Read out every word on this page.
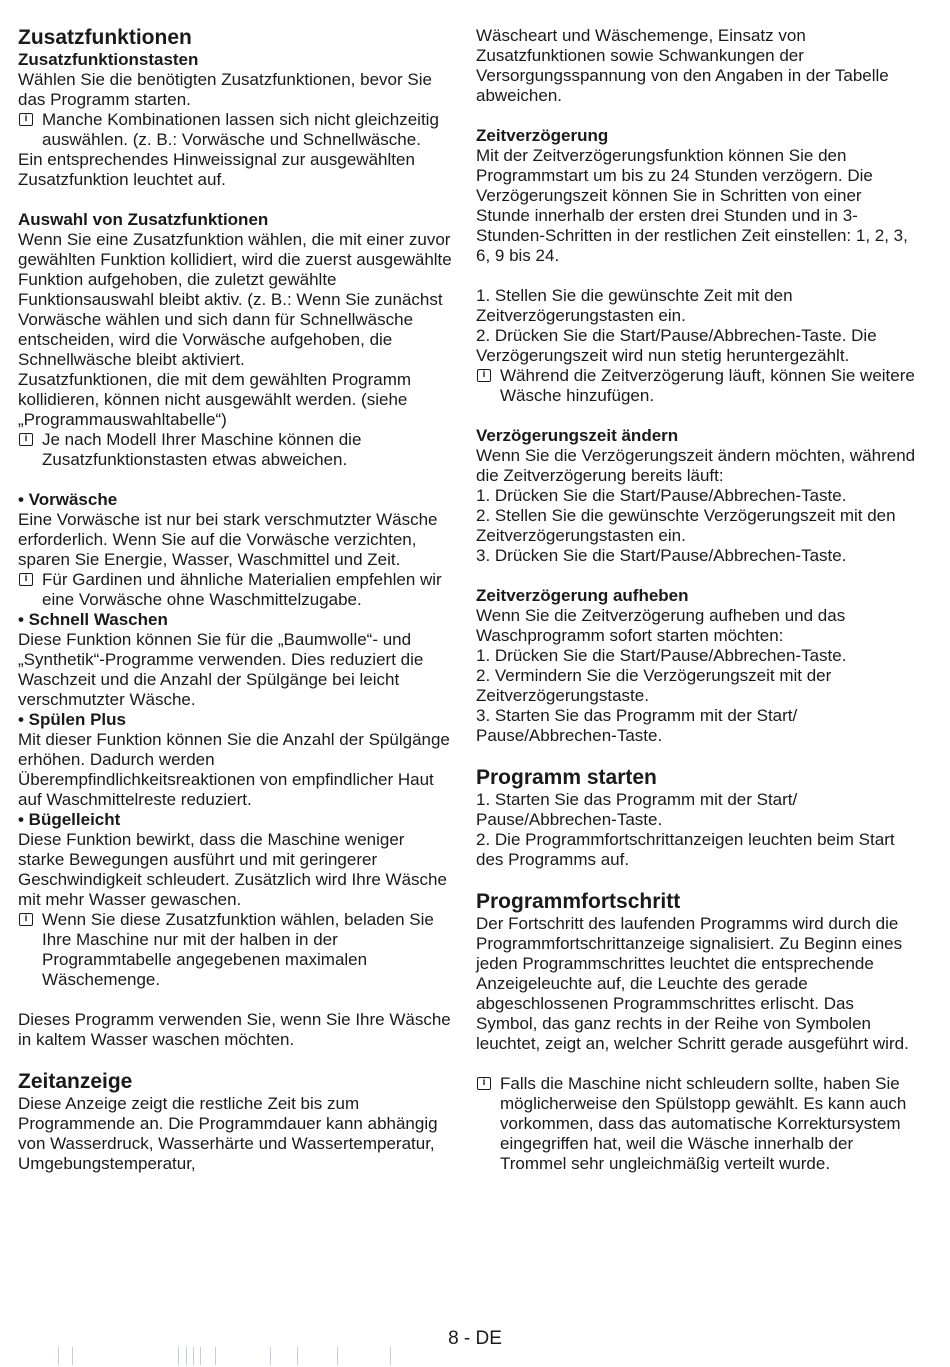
Zusatzfunktionen

Zusatzfunktionstasten

Wählen Sie die benötigten Zusatzfunktionen, bevor Sie das Programm starten.

i
Manche Kombinationen lassen sich nicht gleichzeitig auswählen. (z. B.: Vorwäsche und Schnellwäsche.

Ein entsprechendes Hinweissignal zur ausgewählten Zusatzfunktion leuchtet auf.

Auswahl von Zusatzfunktionen

Wenn Sie eine Zusatzfunktion wählen, die mit einer zuvor gewählten Funktion kollidiert, wird die zuerst ausgewählte Funktion aufgehoben, die zuletzt gewählte Funktionsauswahl bleibt aktiv. (z. B.: Wenn Sie zunächst Vorwäsche wählen und sich dann für Schnellwäsche entscheiden, wird die Vorwäsche aufgehoben, die Schnellwäsche bleibt aktiviert.

Zusatzfunktionen, die mit dem gewählten Programm kollidieren, können nicht ausgewählt werden. (siehe „Programmauswahltabelle“)

i
Je nach Modell Ihrer Maschine können die Zusatzfunktionstasten etwas abweichen.

• Vorwäsche

Eine Vorwäsche ist nur bei stark verschmutzter Wäsche erforderlich. Wenn Sie auf die Vorwäsche verzichten, sparen Sie Energie, Wasser, Waschmittel und Zeit.

i
Für Gardinen und ähnliche Materialien empfehlen wir eine Vorwäsche ohne Waschmittelzugabe.

• Schnell Waschen

Diese Funktion können Sie für die „Baumwolle“- und „Synthetik“-Programme verwenden. Dies reduziert die Waschzeit und die Anzahl der Spülgänge bei leicht verschmutzter Wäsche.

• Spülen Plus

Mit dieser Funktion können Sie die Anzahl der Spülgänge erhöhen. Dadurch werden Überempfindlichkeitsreaktionen von empfindlicher Haut auf Waschmittelreste reduziert.

• Bügelleicht

Diese Funktion bewirkt, dass die Maschine weniger starke Bewegungen ausführt und mit geringerer Geschwindigkeit schleudert. Zusätzlich wird Ihre Wäsche mit mehr Wasser gewaschen.

i
Wenn Sie diese Zusatzfunktion wählen, beladen Sie Ihre Maschine nur mit der halben in der Programmtabelle angegebenen maximalen Wäschemenge.

Dieses Programm verwenden Sie, wenn Sie Ihre Wäsche in kaltem Wasser waschen möchten.

Zeitanzeige

Diese Anzeige zeigt die restliche Zeit bis zum Programmende an. Die Programmdauer kann abhängig von Wasserdruck, Wasserhärte und Wassertemperatur, Umgebungstemperatur,

Wäscheart und Wäschemenge, Einsatz von Zusatzfunktionen sowie Schwankungen der Versorgungsspannung von den Angaben in der Tabelle abweichen.

Zeitverzögerung

Mit der Zeitverzögerungsfunktion können Sie den Programmstart um bis zu 24 Stunden verzögern. Die Verzögerungszeit können Sie in Schritten von einer Stunde innerhalb der ersten drei Stunden und in 3-Stunden-Schritten in der restlichen Zeit einstellen: 1, 2, 3, 6, 9 bis 24.

1. Stellen Sie die gewünschte Zeit mit den Zeitverzögerungstasten ein.

2. Drücken Sie die Start/Pause/Abbrechen-Taste. Die Verzögerungszeit wird nun stetig heruntergezählt.

i
Während die Zeitverzögerung läuft, können Sie weitere Wäsche hinzufügen.

Verzögerungszeit ändern

Wenn Sie die Verzögerungszeit ändern möchten, während die Zeitverzögerung bereits läuft:

1. Drücken Sie die Start/Pause/Abbrechen-Taste.

2. Stellen Sie die gewünschte Verzögerungszeit mit den Zeitverzögerungstasten ein.

3. Drücken Sie die Start/Pause/Abbrechen-Taste.

Zeitverzögerung aufheben

Wenn Sie die Zeitverzögerung aufheben und das Waschprogramm sofort starten möchten:

1. Drücken Sie die Start/Pause/Abbrechen-Taste.

2. Vermindern Sie die Verzögerungszeit mit der Zeitverzögerungstaste.

3. Starten Sie das Programm mit der Start/ Pause/Abbrechen-Taste.

Programm starten

1. Starten Sie das Programm mit der Start/ Pause/Abbrechen-Taste.

2. Die Programmfortschrittanzeigen leuchten beim Start des Programms auf.

Programmfortschritt

Der Fortschritt des laufenden Programms wird durch die Programmfortschrittanzeige signalisiert. Zu Beginn eines jeden Programmschrittes leuchtet die entsprechende Anzeigeleuchte auf, die Leuchte des gerade abgeschlossenen Programmschrittes erlischt. Das Symbol, das ganz rechts in der Reihe von Symbolen leuchtet, zeigt an, welcher Schritt gerade ausgeführt wird.

i
Falls die Maschine nicht schleudern sollte, haben Sie möglicherweise den Spülstopp gewählt. Es kann auch vorkommen, dass das automatische Korrektursystem eingegriffen hat, weil die Wäsche innerhalb der Trommel sehr ungleichmäßig verteilt wurde.
8 - DE
